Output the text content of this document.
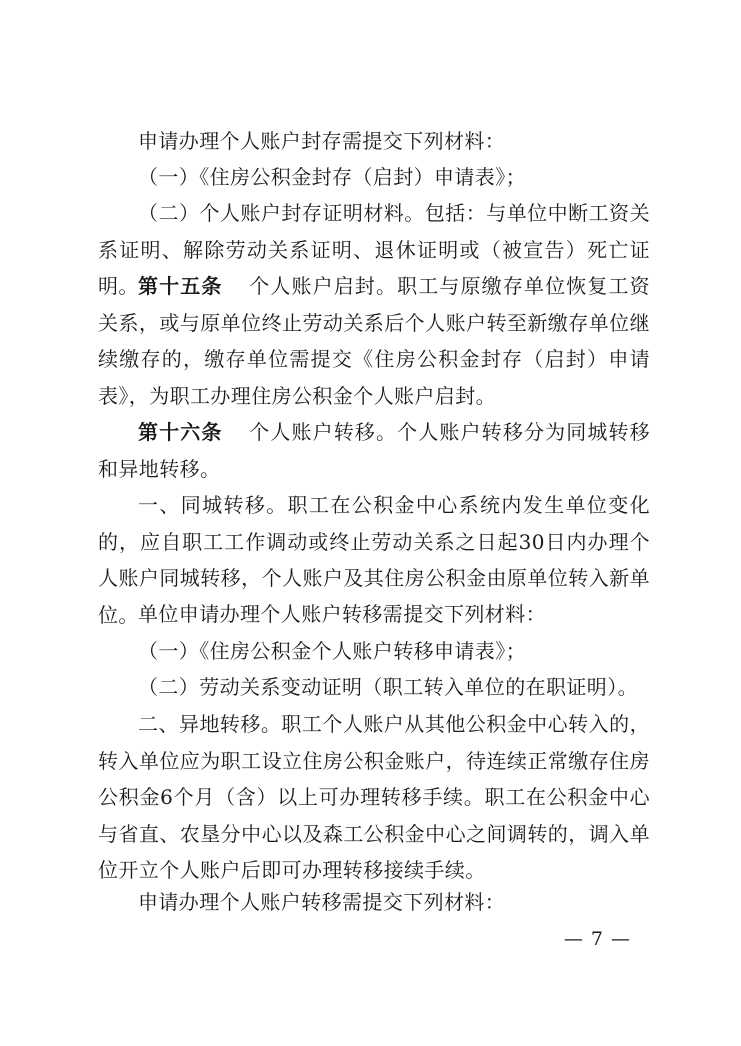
申请办理个人账户封存需提交下列材料：

（一）《住房公积金封存（启封）申请表》；

（二）个人账户封存证明材料。包括：与单位中断工资关系证明、解除劳动关系证明、退休证明或（被宣告）死亡证明。 第十五条 个人账户启封。职工与原缴存单位恢复工资关系，或与原单位终止劳动关系后个人账户转至新缴存单位继续缴存的，缴存单位需提交《住房公积金封存（启封）申请表》，为职工办理住房公积金个人账户启封。

第十六条 个人账户转移。个人账户转移分为同城转移和异地转移。

一、同城转移。职工在公积金中心系统内发生单位变化的，应自职工工作调动或终止劳动关系之日起30日内办理个人账户同城转移，个人账户及其住房公积金由原单位转入新单位。 单位申请办理个人账户转移需提交下列材料：

（一）《住房公积金个人账户转移申请表》；

（二）劳动关系变动证明（职工转入单位的在职证明）。

二、异地转移。职工个人账户从其他公积金中心转入的，转入单位应为职工设立住房公积金账户，待连续正常缴存住房公积金6个月（含）以上可办理转移手续。职工在公积金中心与省直、农垦分中心以及森工公积金中心之间调转的，调入单位开立个人账户后即可办理转移接续手续。

申请办理个人账户转移需提交下列材料：

— 7 —
